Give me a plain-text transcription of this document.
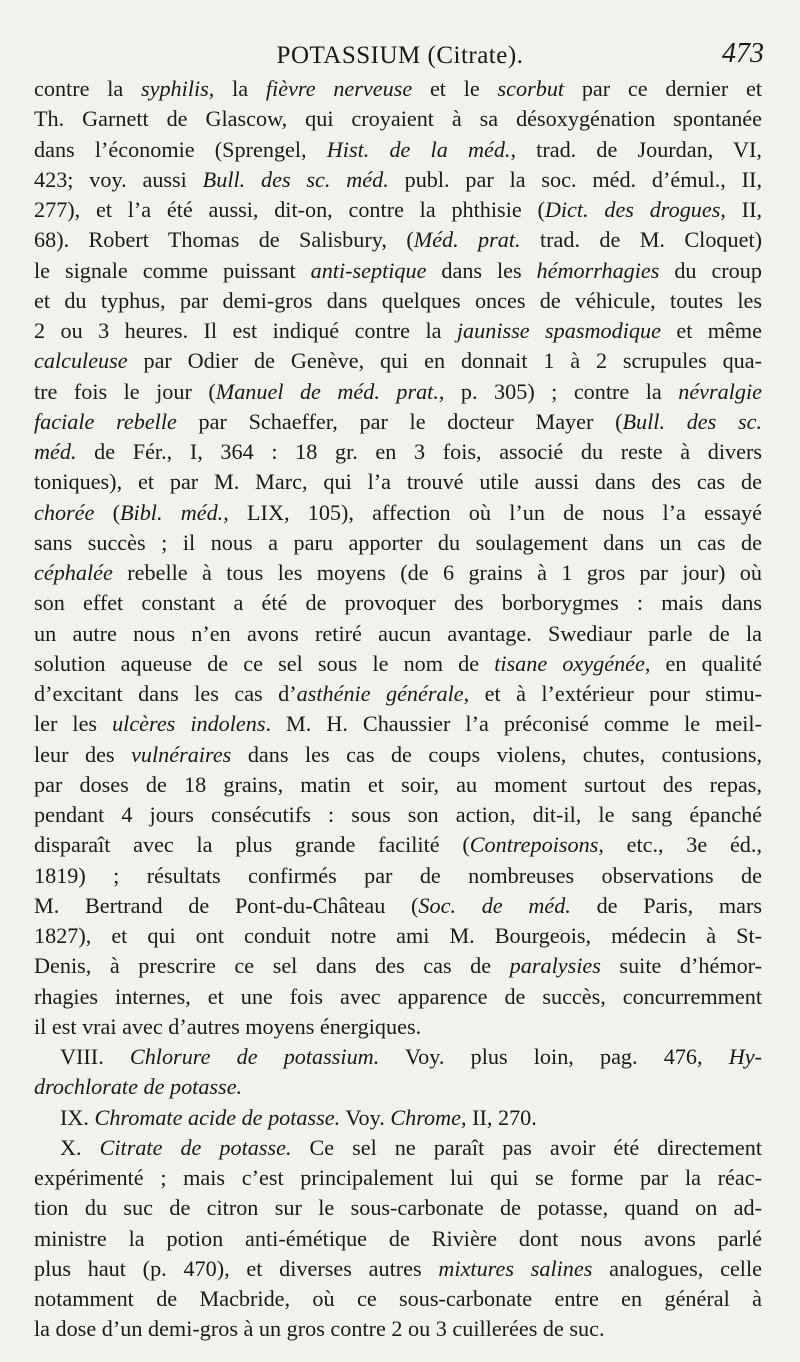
POTASSIUM (Citrate).	473
contre la syphilis, la fièvre nerveuse et le scorbut par ce dernier et
Th. Garnett de Glascow, qui croyaient à sa désoxygénation spontanée
dans l’économie (Sprengel, Hist. de la méd., trad. de Jourdan, VI,
423; voy. aussi Bull. des sc. méd. publ. par la soc. méd. d’émul., II,
277), et l’a été aussi, dit-on, contre la phthisie (Dict. des drogues, II,
68). Robert Thomas de Salisbury, (Méd. prat. trad. de M. Cloquet)
le signale comme puissant anti-septique dans les hémorrhagies du croup
et du typhus, par demi-gros dans quelques onces de véhicule, toutes les
2 ou 3 heures. Il est indiqué contre la jaunisse spasmodique et même
calculeuse par Odier de Genève, qui en donnait 1 à 2 scrupules qua-
tre fois le jour (Manuel de méd. prat., p. 305) ; contre la névralgie
faciale rebelle par Schaeffer, par le docteur Mayer (Bull. des sc.
méd. de Fér., I, 364 : 18 gr. en 3 fois, associé du reste à divers
toniques), et par M. Marc, qui l’a trouvé utile aussi dans des cas de
chorée (Bibl. méd., LIX, 105), affection où l’un de nous l’a essayé
sans succès ; il nous a paru apporter du soulagement dans un cas de
céphalée rebelle à tous les moyens (de 6 grains à 1 gros par jour) où
son effet constant a été de provoquer des borborygmes : mais dans
un autre nous n’en avons retiré aucun avantage. Swediaur parle de la
solution aqueuse de ce sel sous le nom de tisane oxygénée, en qualité
d’excitant dans les cas d’asthénie générale, et à l’extérieur pour stimu-
ler les ulcères indolens. M. H. Chaussier l’a préconisé comme le meil-
leur des vulnéraires dans les cas de coups violens, chutes, contusions,
par doses de 18 grains, matin et soir, au moment surtout des repas,
pendant 4 jours consécutifs : sous son action, dit-il, le sang épanché
disparaît avec la plus grande facilité (Contrepoisons, etc., 3e éd.,
1819) ; résultats confirmés par de nombreuses observations de
M. Bertrand de Pont-du-Château (Soc. de méd. de Paris, mars
1827), et qui ont conduit notre ami M. Bourgeois, médecin à St-
Denis, à prescrire ce sel dans des cas de paralysies suite d’hémor-
rhagies internes, et une fois avec apparence de succès, concurremment
il est vrai avec d’autres moyens énergiques.
VIII. Chlorure de potassium. Voy. plus loin, pag. 476, Hy-
drochlorate de potasse.
IX. Chromate acide de potasse. Voy. Chrome, II, 270.
X. Citrate de potasse. Ce sel ne paraît pas avoir été directement
expérimenté ; mais c’est principalement lui qui se forme par la réac-
tion du suc de citron sur le sous-carbonate de potasse, quand on ad-
ministre la potion anti-émétique de Rivière dont nous avons parlé
plus haut (p. 470), et diverses autres mixtures salines analogues, celle
notamment de Macbride, où ce sous-carbonate entre en général à
la dose d’un demi-gros à un gros contre 2 ou 3 cuillerées de suc.
